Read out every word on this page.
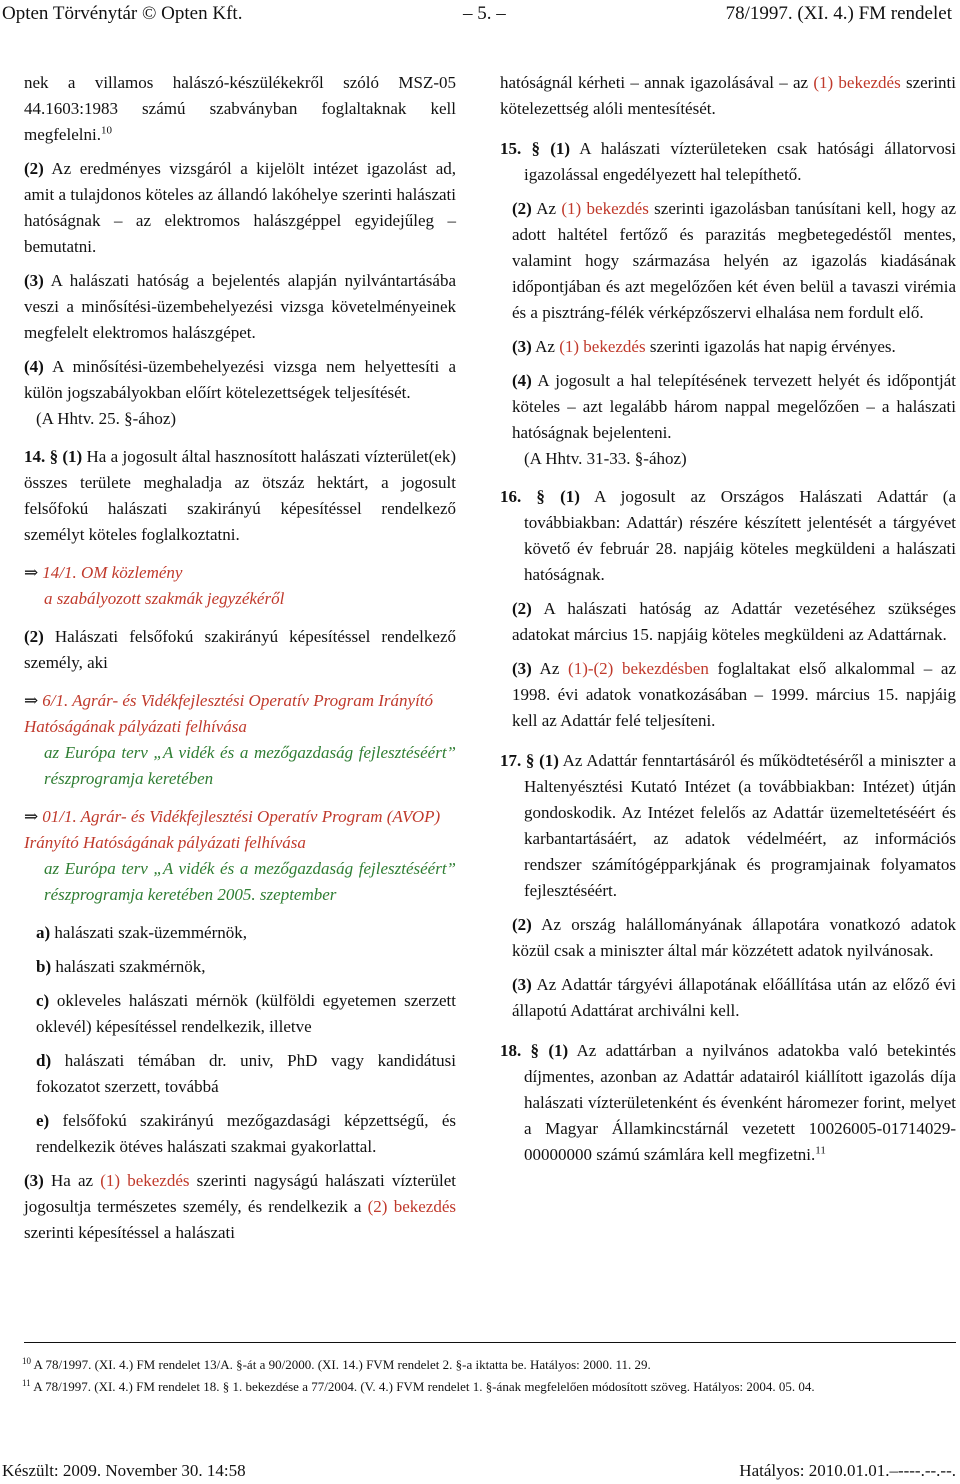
Opten Törvénytár © Opten Kft.	– 5. –	78/1997. (XI. 4.) FM rendelet

nek a villamos halászó-készülékekről szóló MSZ-05 44.1603:1983 számú szabványban foglaltaknak kell megfelelni.$^{10}$

(2) Az eredményes vizsgáról a kijelölt intézet igazolást ad, amit a tulajdonos köteles az állandó lakóhelye szerinti halászati hatóságnak – az elektromos halászgéppel egyidejűleg – bemutatni.

(3) A halászati hatóság a bejelentés alapján nyilvántartásába veszi a minősítési-üzembehelyezési vizsga követelményeinek megfelelt elektromos halászgépet.

(4) A minősítési-üzembehelyezési vizsga nem helyettesíti a külön jogszabályokban előírt kötelezettségek teljesítését.

(A Hhtv. 25. §-ához)

14. § (1) Ha a jogosult által hasznosított halászati vízterület(ek) összes területe meghaladja az ötszáz hektárt, a jogosult felsőfokú halászati szakirányú képesítéssel rendelkező személyt köteles foglalkoztatni.

⇒ 14/1. OM közlemény
a szabályozott szakmák jegyzékéről

(2) Halászati felsőfokú szakirányú képesítéssel rendelkező személy, aki

⇒ 6/1. Agrár- és Vidékfejlesztési Operatív Program Irányító Hatóságának pályázati felhívása
az Európa terv „A vidék és a mezőgazdaság fejlesztéséért” részprogramja keretében
⇒ 01/1. Agrár- és Vidékfejlesztési Operatív Program (AVOP) Irányító Hatóságának pályázati felhívása
az Európa terv „A vidék és a mezőgazdaság fejlesztéséért” részprogramja keretében 2005. szeptember

a) halászati szak-üzemmérnök,

b) halászati szakmérnök,

c) okleveles halászati mérnök (külföldi egyetemen szerzett oklevél) képesítéssel rendelkezik, illetve

d) halászati témában dr. univ, PhD vagy kandidátusi fokozatot szerzett, továbbá

e) felsőfokú szakirányú mezőgazdasági képzettségű, és rendelkezik ötéves halászati szakmai gyakorlattal.

(3) Ha az (1) bekezdés szerinti nagyságú halászati vízterület jogosultja természetes személy, és rendelkezik a (2) bekezdés szerinti képesítéssel a halászati

hatóságnál kérheti – annak igazolásával – az (1) bekezdés szerinti kötelezettség alóli mentesítését.

15. § (1) A halászati vízterületeken csak hatósági állatorvosi igazolással engedélyezett hal telepíthető.

(2) Az (1) bekezdés szerinti igazolásban tanúsítani kell, hogy az adott haltétel fertőző és parazitás megbetegedéstől mentes, valamint hogy származása helyén az igazolás kiadásának időpontjában és azt megelőzően két éven belül a tavaszi virémia és a pisztráng-félék vérképzőszervi elhalása nem fordult elő.

(3) Az (1) bekezdés szerinti igazolás hat napig érvényes.

(4) A jogosult a hal telepítésének tervezett helyét és időpontját köteles – azt legalább három nappal megelőzően – a halászati hatóságnak bejelenteni.

(A Hhtv. 31-33. §-ához)

16. § (1) A jogosult az Országos Halászati Adattár (a továbbiakban: Adattár) részére készített jelentését a tárgyévet követő év február 28. napjáig köteles megküldeni a halászati hatóságnak.

(2) A halászati hatóság az Adattár vezetéséhez szükséges adatokat március 15. napjáig köteles megküldeni az Adattárnak.

(3) Az (1)-(2) bekezdésben foglaltakat első alkalommal – az 1998. évi adatok vonatkozásában – 1999. március 15. napjáig kell az Adattár felé teljesíteni.

17. § (1) Az Adattár fenntartásáról és működtetéséről a miniszter a Haltenyésztési Kutató Intézet (a továbbiakban: Intézet) útján gondoskodik. Az Intézet felelős az Adattár üzemeltetéséért és karbantartásáért, az adatok védelméért, az információs rendszer számítógépparkjának és programjainak folyamatos fejlesztéséért.

(2) Az ország halállományának állapotára vonatkozó adatok közül csak a miniszter által már közzétett adatok nyilvánosak.

(3) Az Adattár tárgyévi állapotának előállítása után az előző évi állapotú Adattárat archiválni kell.

18. § (1) Az adattárban a nyilvános adatokba való betekintés díjmentes, azonban az Adattár adatairól kiállított igazolás díja halászati vízterületenként és évenként háromezer forint, melyet a Magyar Államkincstárnál vezetett 10026005-01714029-00000000 számú számlára kell megfizetni.$^{11}$

$^{10}$ A 78/1997. (XI. 4.) FM rendelet 13/A. §-át a 90/2000. (XI. 14.) FVM rendelet 2. §-a iktatta be. Hatályos: 2000. 11. 29.

$^{11}$ A 78/1997. (XI. 4.) FM rendelet 18. § 1. bekezdése a 77/2004. (V. 4.) FVM rendelet 1. §-ának megfelelően módosított szöveg. Hatályos: 2004. 05. 04.

Készült: 2009. November 30. 14:58	Hatályos: 2010.01.01.–----.--.--.
